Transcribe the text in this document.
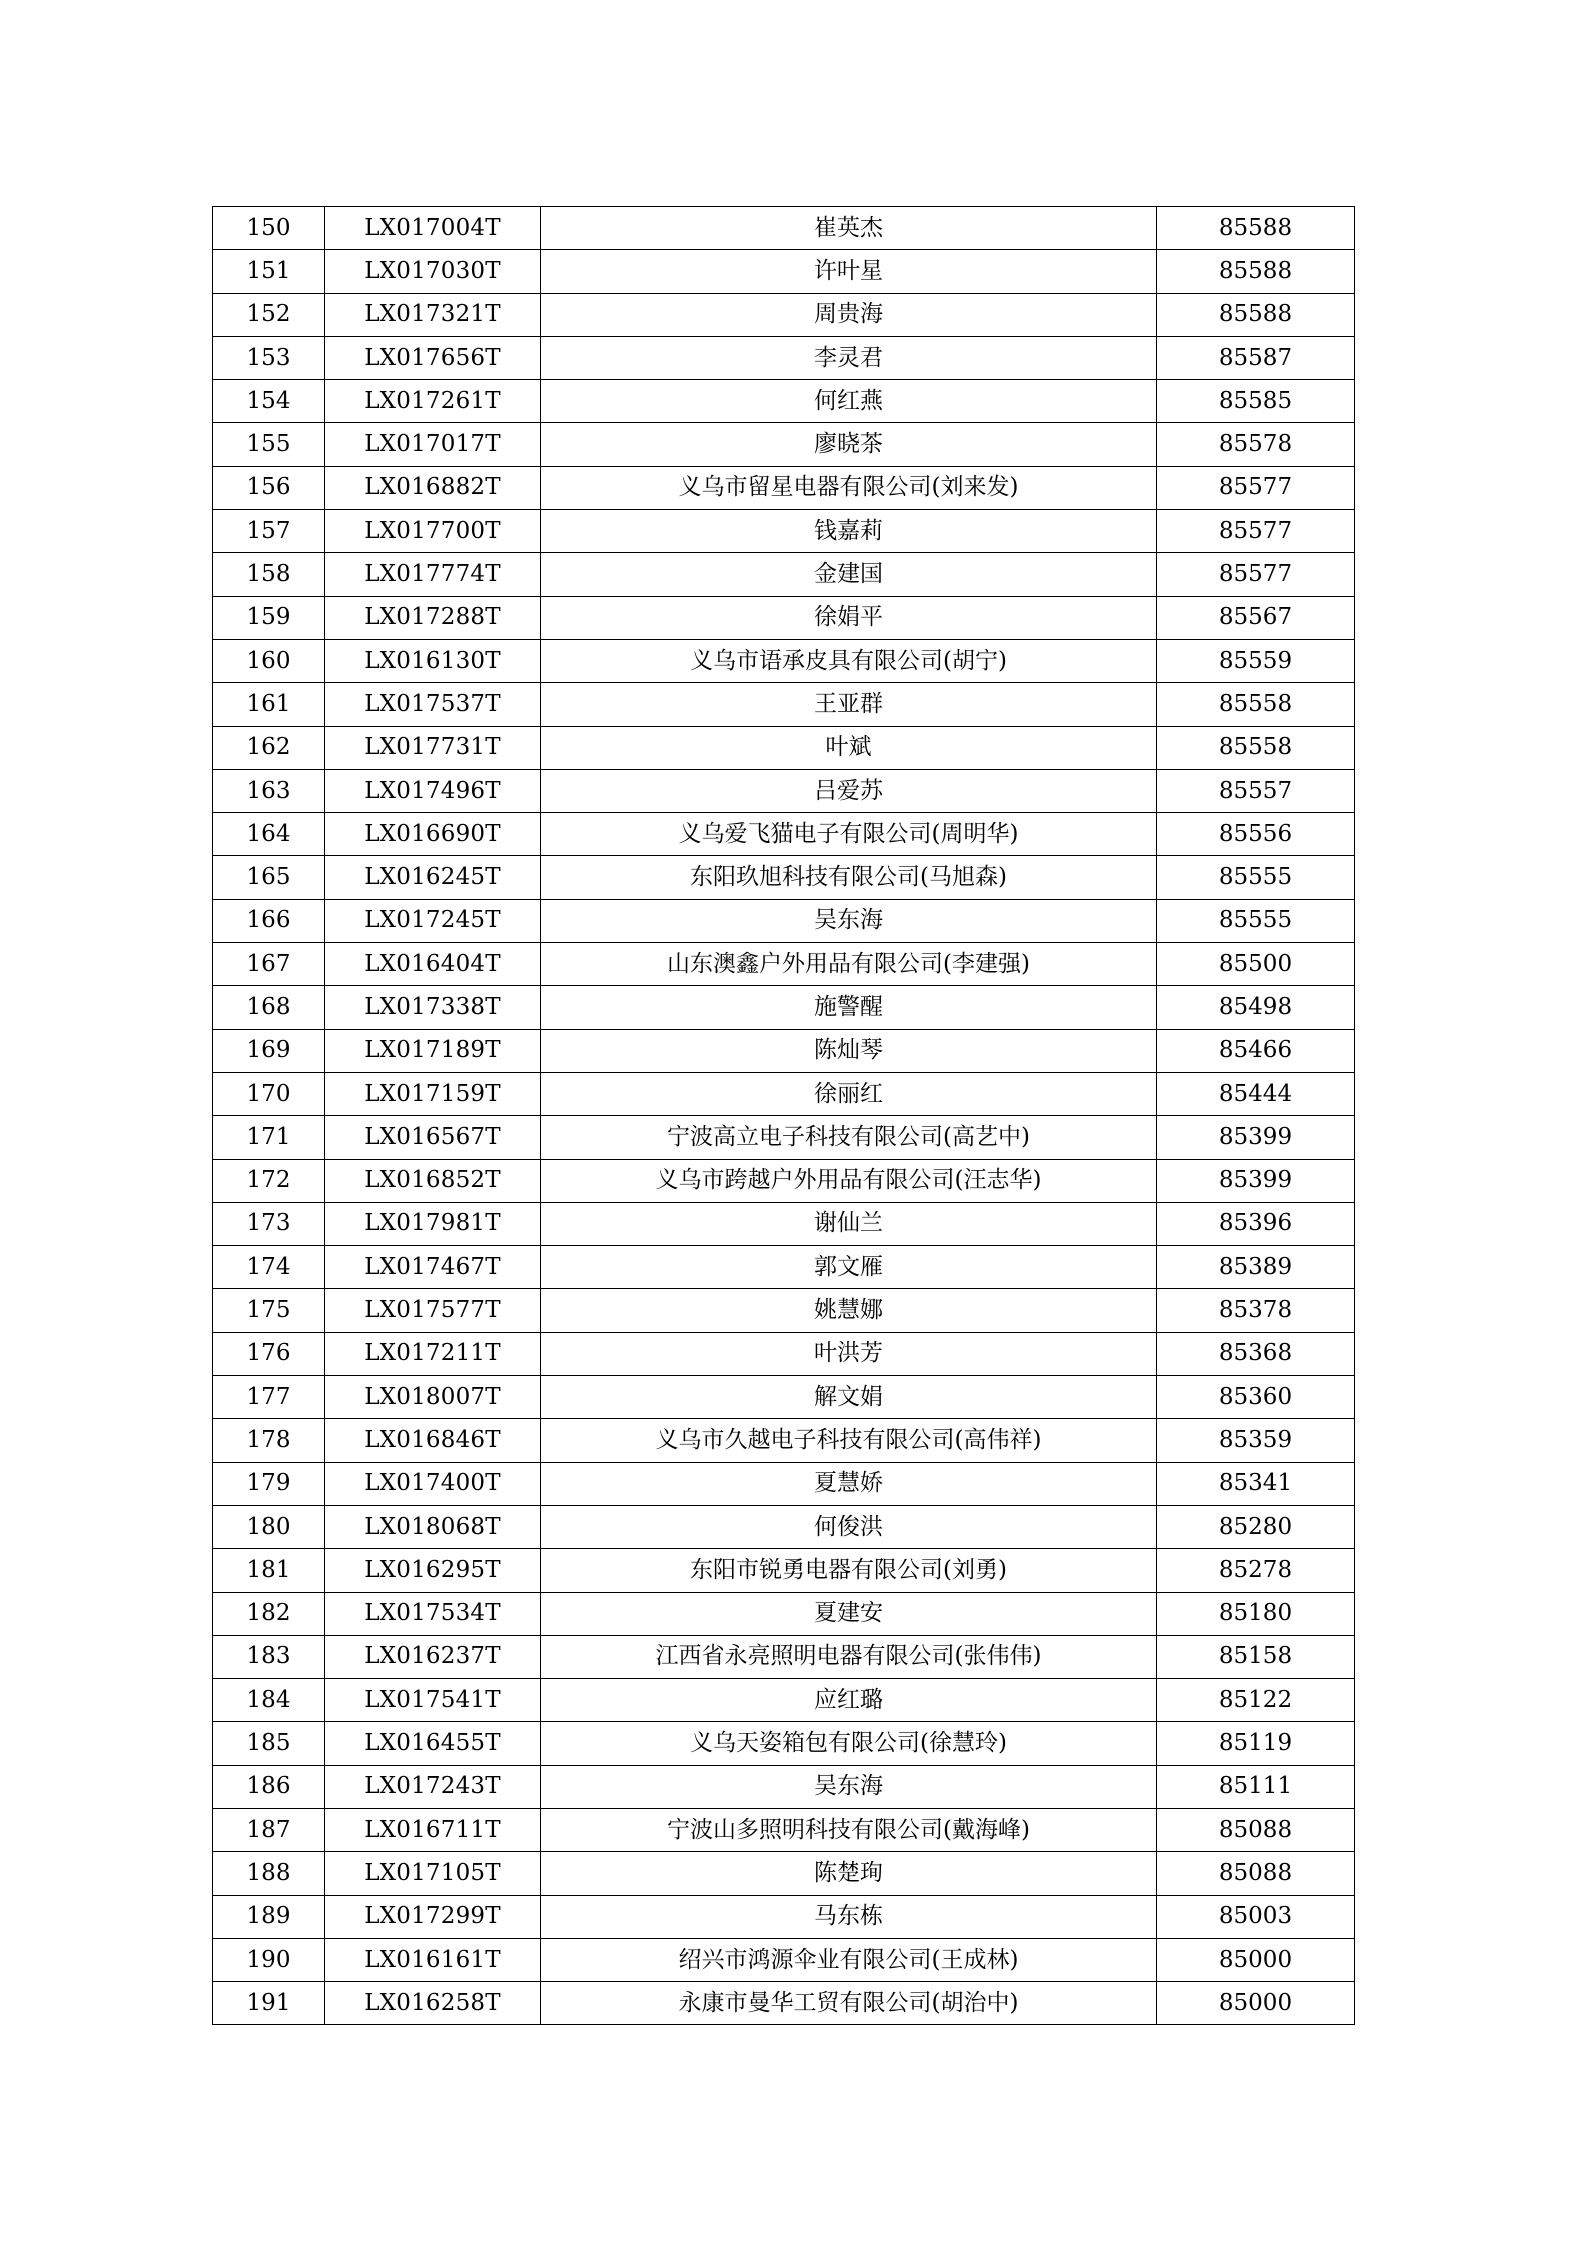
150	LX017004T	崔英杰	85588
151	LX017030T	许叶星	85588
152	LX017321T	周贵海	85588
153	LX017656T	李灵君	85587
154	LX017261T	何红燕	85585
155	LX017017T	廖晓茶	85578
156	LX016882T	义乌市留星电器有限公司(刘来发)	85577
157	LX017700T	钱嘉莉	85577
158	LX017774T	金建国	85577
159	LX017288T	徐娟平	85567
160	LX016130T	义乌市语承皮具有限公司(胡宁)	85559
161	LX017537T	王亚群	85558
162	LX017731T	叶斌	85558
163	LX017496T	吕爱苏	85557
164	LX016690T	义乌爱飞猫电子有限公司(周明华)	85556
165	LX016245T	东阳玖旭科技有限公司(马旭森)	85555
166	LX017245T	吴东海	85555
167	LX016404T	山东澳鑫户外用品有限公司(李建强)	85500
168	LX017338T	施警醒	85498
169	LX017189T	陈灿琴	85466
170	LX017159T	徐丽红	85444
171	LX016567T	宁波高立电子科技有限公司(高艺中)	85399
172	LX016852T	义乌市跨越户外用品有限公司(汪志华)	85399
173	LX017981T	谢仙兰	85396
174	LX017467T	郭文雁	85389
175	LX017577T	姚慧娜	85378
176	LX017211T	叶洪芳	85368
177	LX018007T	解文娟	85360
178	LX016846T	义乌市久越电子科技有限公司(高伟祥)	85359
179	LX017400T	夏慧娇	85341
180	LX018068T	何俊洪	85280
181	LX016295T	东阳市锐勇电器有限公司(刘勇)	85278
182	LX017534T	夏建安	85180
183	LX016237T	江西省永亮照明电器有限公司(张伟伟)	85158
184	LX017541T	应红璐	85122
185	LX016455T	义乌天姿箱包有限公司(徐慧玲)	85119
186	LX017243T	吴东海	85111
187	LX016711T	宁波山多照明科技有限公司(戴海峰)	85088
188	LX017105T	陈楚珣	85088
189	LX017299T	马东栋	85003
190	LX016161T	绍兴市鸿源伞业有限公司(王成林)	85000
191	LX016258T	永康市曼华工贸有限公司(胡治中)	85000
